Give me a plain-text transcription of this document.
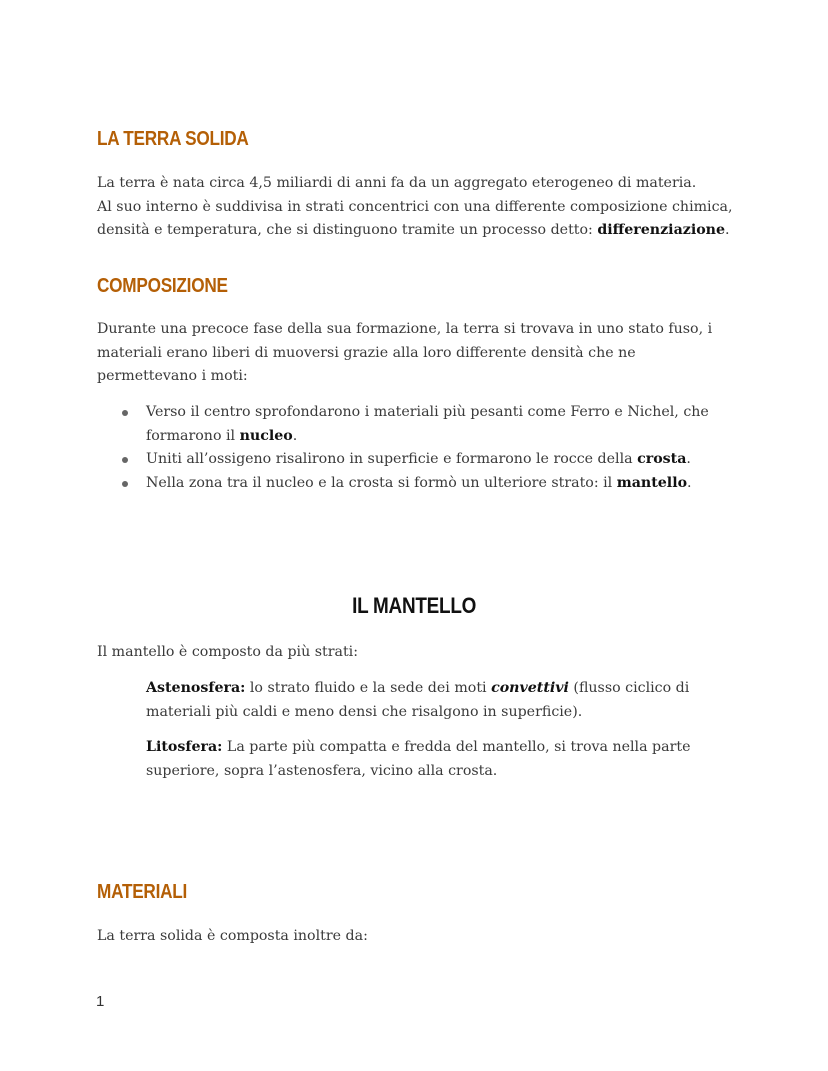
LA TERRA SOLIDA

La terra è nata circa 4,5 miliardi di anni fa da un aggregato eterogeneo di materia.
Al suo interno è suddivisa in strati concentrici con una differente composizione chimica,
densità e temperatura, che si distinguono tramite un processo detto: differenziazione.

COMPOSIZIONE

Durante una precoce fase della sua formazione, la terra si trovava in uno stato fuso, i
materiali erano liberi di muoversi grazie alla loro differente densità che ne
permettevano i moti:

Verso il centro sprofondarono i materiali più pesanti come Ferro e Nichel, che
formarono il nucleo.
Uniti all’ossigeno risalirono in superficie e formarono le rocce della crosta.
Nella zona tra il nucleo e la crosta si formò un ulteriore strato: il mantello.
IL MANTELLO

Il mantello è composto da più strati:

Astenosfera: lo strato fluido e la sede dei moti convettivi (flusso ciclico di
materiali più caldi e meno densi che risalgono in superficie).

Litosfera: La parte più compatta e fredda del mantello, si trova nella parte
superiore, sopra l’astenosfera, vicino alla crosta.

MATERIALI

La terra solida è composta inoltre da:

1
